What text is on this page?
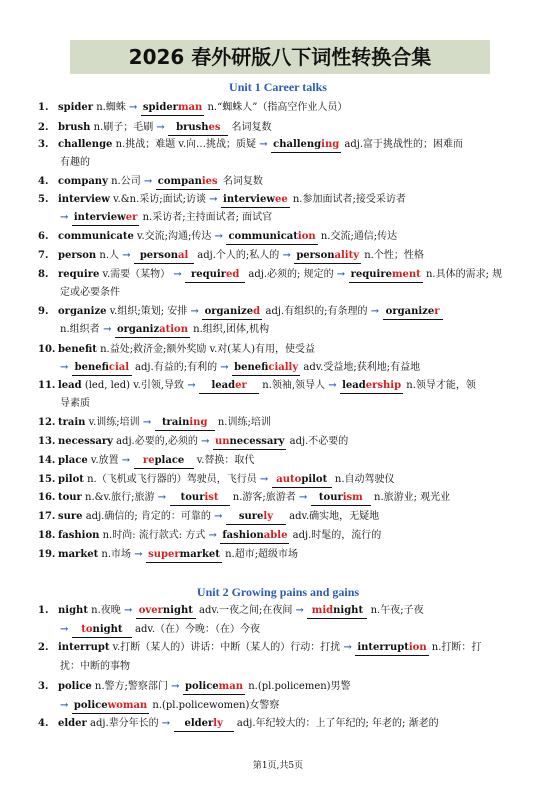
2026 春外研版八下词性转换合集
Unit 1 Career talks
1. spider n.蜘蛛 → spiderman n.“蜘蛛人”（指高空作业人员）
2. brush n.刷子；毛刷 → brushes 名词复数
3. challenge n.挑战；难题 v.向…挑战；质疑 → challenging adj.富于挑战性的；困难而
有趣的
4. company n.公司 → companies 名词复数
5. interview v.&n.采访;面试;访谈 → interviewee n.参加面试者;接受采访者
→ interviewer n.采访者;主持面试者; 面试官
6. communicate v.交流;沟通;传达 → communication n.交流;通信;传达
7. person n.人 → personal adj.个人的;私人的 → personality n.个性；性格
8. require v.需要（某物） → required adj.必须的; 规定的 → requirement n.具体的需求; 规
定或必要条件
9. organize v.组织;策划; 安排 → organized adj.有组织的;有条理的 → organizer
n.组织者 → organization n.组织,团体,机构
10. benefit n.益处;救济金;额外奖励 v.对(某人)有用，使受益
→ beneficial adj.有益的;有利的 → beneficially adv.受益地;获利地;有益地
11. lead (led, led) v.引领,导致 → leader n.领袖,领导人 → leadership n.领导才能，领
导素质
12. train v.训练;培训 → training n.训练;培训
13. necessary adj.必要的,必须的 → unnecessary adj.不必要的
14. place v.放置 → replace v.替换：取代
15. pilot n.（飞机或飞行器的）驾驶员，飞行员 → autopilot n.自动驾驶仪
16. tour n.&v.旅行;旅游 → tourist n.游客;旅游者 → tourism n.旅游业; 观光业
17. sure adj.确信的; 肯定的：可靠的 → surely adv.确实地，无疑地
18. fashion n.时尚: 流行款式: 方式 → fashionable adj.时髦的，流行的
19. market n.市场 → supermarket n.超市;超级市场
Unit 2 Growing pains and gains
1. night n.夜晚 → overnight adv.一夜之间;在夜间 → midnight n.午夜;子夜
→ tonight adv.（在）今晚：（在）今夜
2. interrupt v.打断（某人的）讲话：中断（某人的）行动：打扰 → interruption n.打断：打
扰：中断的事物
3. police n.警方;警察部门 → policeman n.(pl.policemen)男警
→ policewoman n.(pl.policewomen)女警察
4. elder adj.辈分年长的 → elderly adj.年纪较大的：上了年纪的; 年老的; 渐老的
第1页,共5页
